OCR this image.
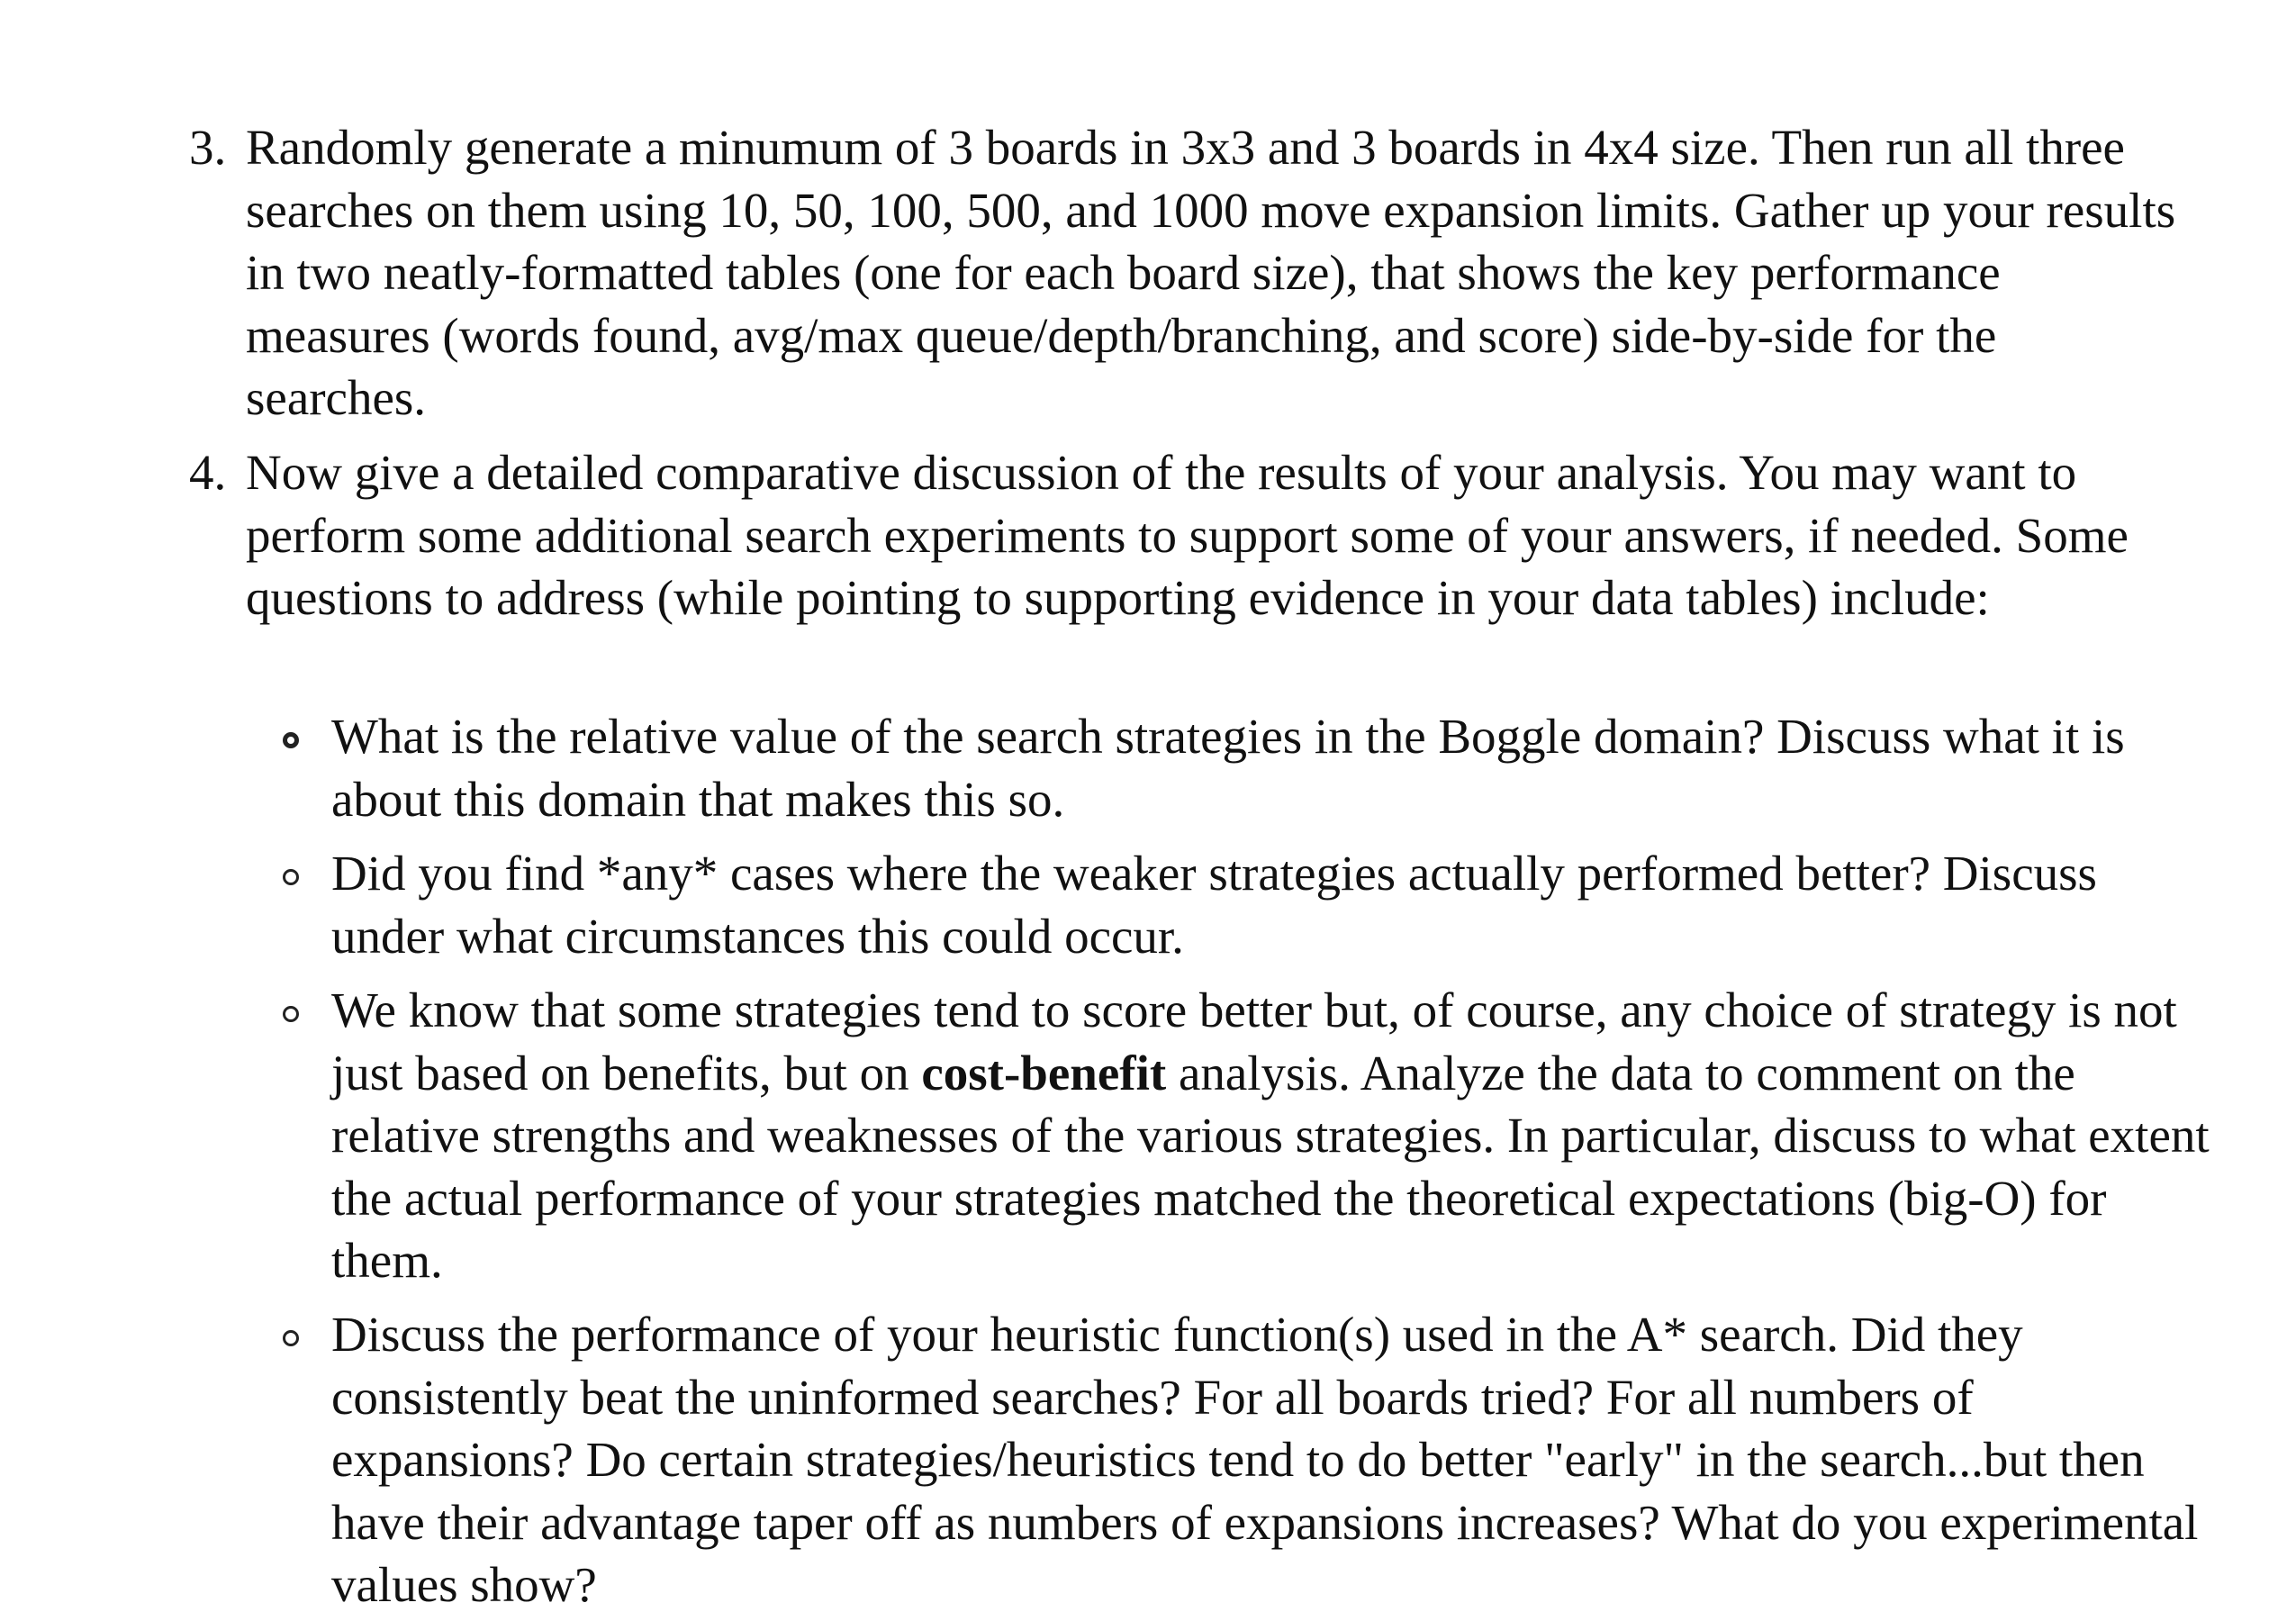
3. Randomly generate a minumum of 3 boards in 3x3 and 3 boards in 4x4 size. Then run all three searches on them using 10, 50, 100, 500, and 1000 move expansion limits. Gather up your results in two neatly-formatted tables (one for each board size), that shows the key performance measures (words found, avg/max queue/depth/branching, and score) side-by-side for the searches.
4. Now give a detailed comparative discussion of the results of your analysis. You may want to perform some additional search experiments to support some of your answers, if needed. Some questions to address (while pointing to supporting evidence in your data tables) include:
What is the relative value of the search strategies in the Boggle domain? Discuss what it is about this domain that makes this so.
Did you find *any* cases where the weaker strategies actually performed better? Discuss under what circumstances this could occur.
We know that some strategies tend to score better but, of course, any choice of strategy is not just based on benefits, but on cost-benefit analysis. Analyze the data to comment on the relative strengths and weaknesses of the various strategies. In particular, discuss to what extent the actual performance of your strategies matched the theoretical expectations (big-O) for them.
Discuss the performance of your heuristic function(s) used in the A* search. Did they consistently beat the uninformed searches? For all boards tried? For all numbers of expansions? Do certain strategies/heuristics tend to do better "early" in the search...but then have their advantage taper off as numbers of expansions increases? What do you experimental values show?
